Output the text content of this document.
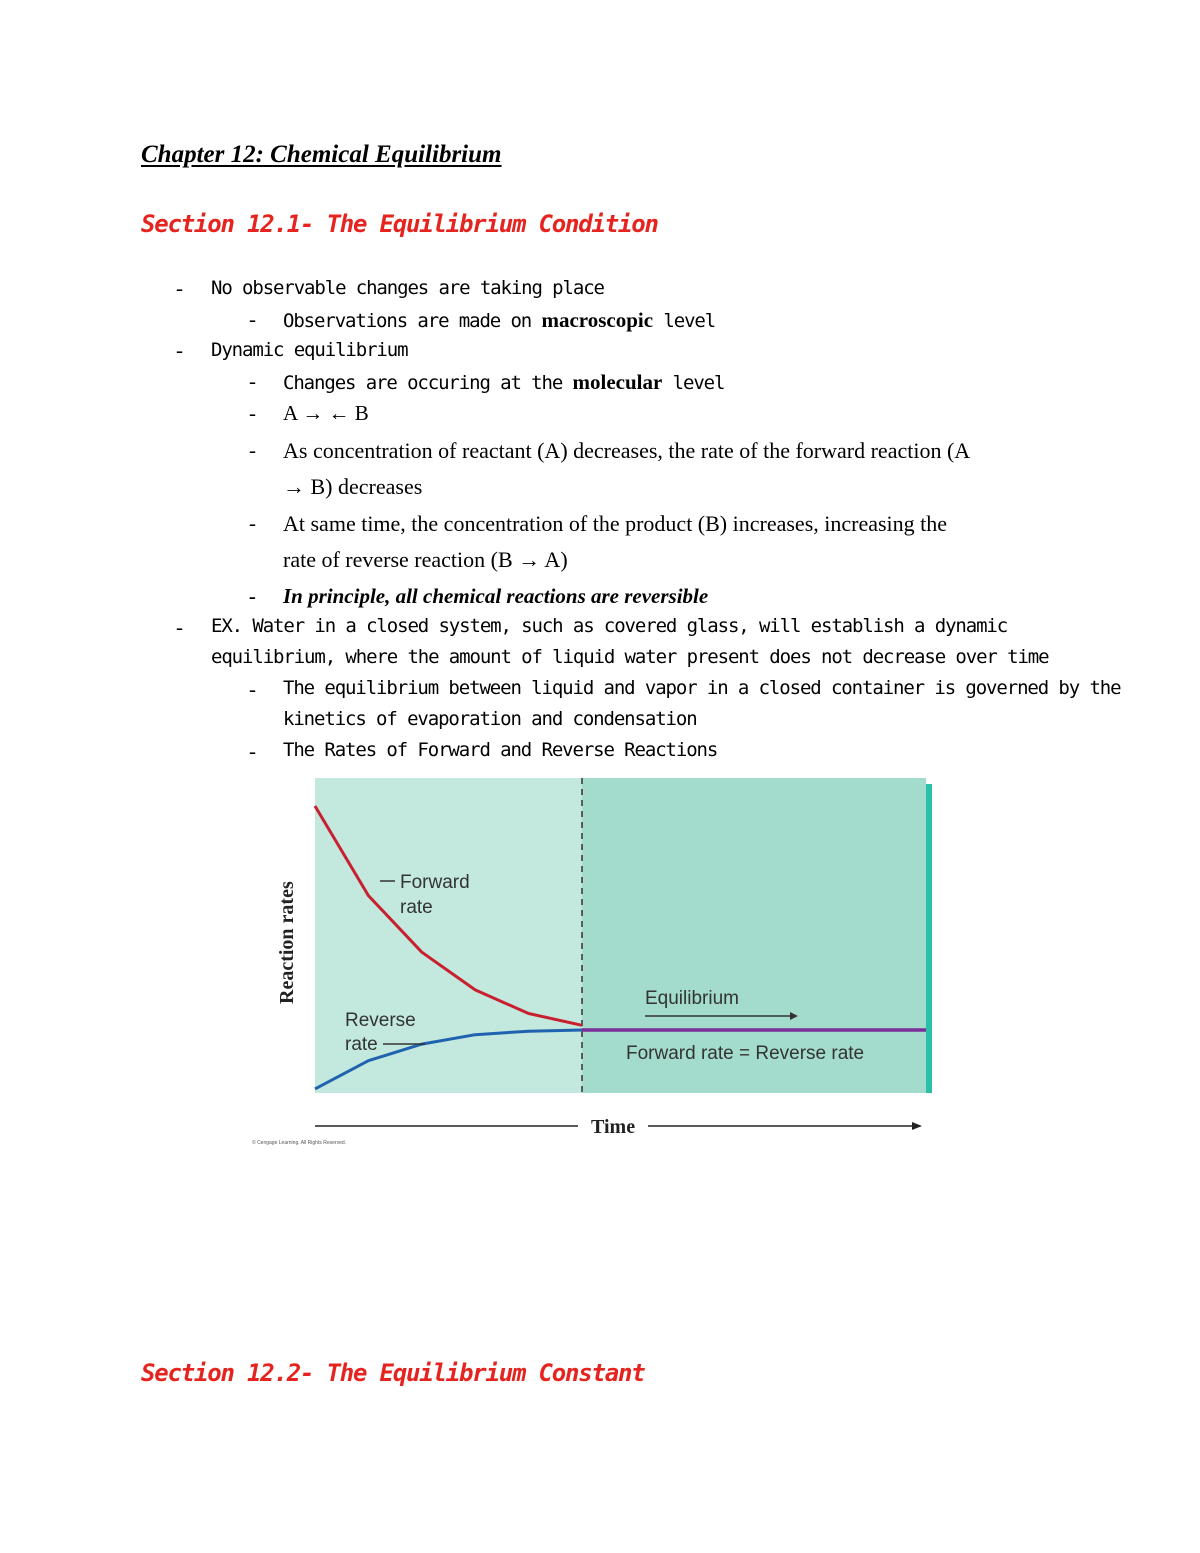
Chapter 12: Chemical Equilibrium
Section 12.1- The Equilibrium Condition
- No observable changes are taking place
- Observations are made on macroscopic level
- Dynamic equilibrium
- Changes are occuring at the molecular level
- A → ← B
- As concentration of reactant (A) decreases, the rate of the forward reaction (A
→ B) decreases
- At same time, the concentration of the product (B) increases, increasing the
rate of reverse reaction (B → A)
- In principle, all chemical reactions are reversible
- EX. Water in a closed system, such as covered glass, will establish a dynamic
equilibrium, where the amount of liquid water present does not decrease over time
- The equilibrium between liquid and vapor in a closed container is governed by the
kinetics of evaporation and condensation
- The Rates of Forward and Reverse Reactions
Forward
rate
Reverse
rate
Equilibrium
Forward rate = Reverse rate
Reaction rates
Time
© Cengage Learning. All Rights Reserved.
Section 12.2- The Equilibrium Constant
